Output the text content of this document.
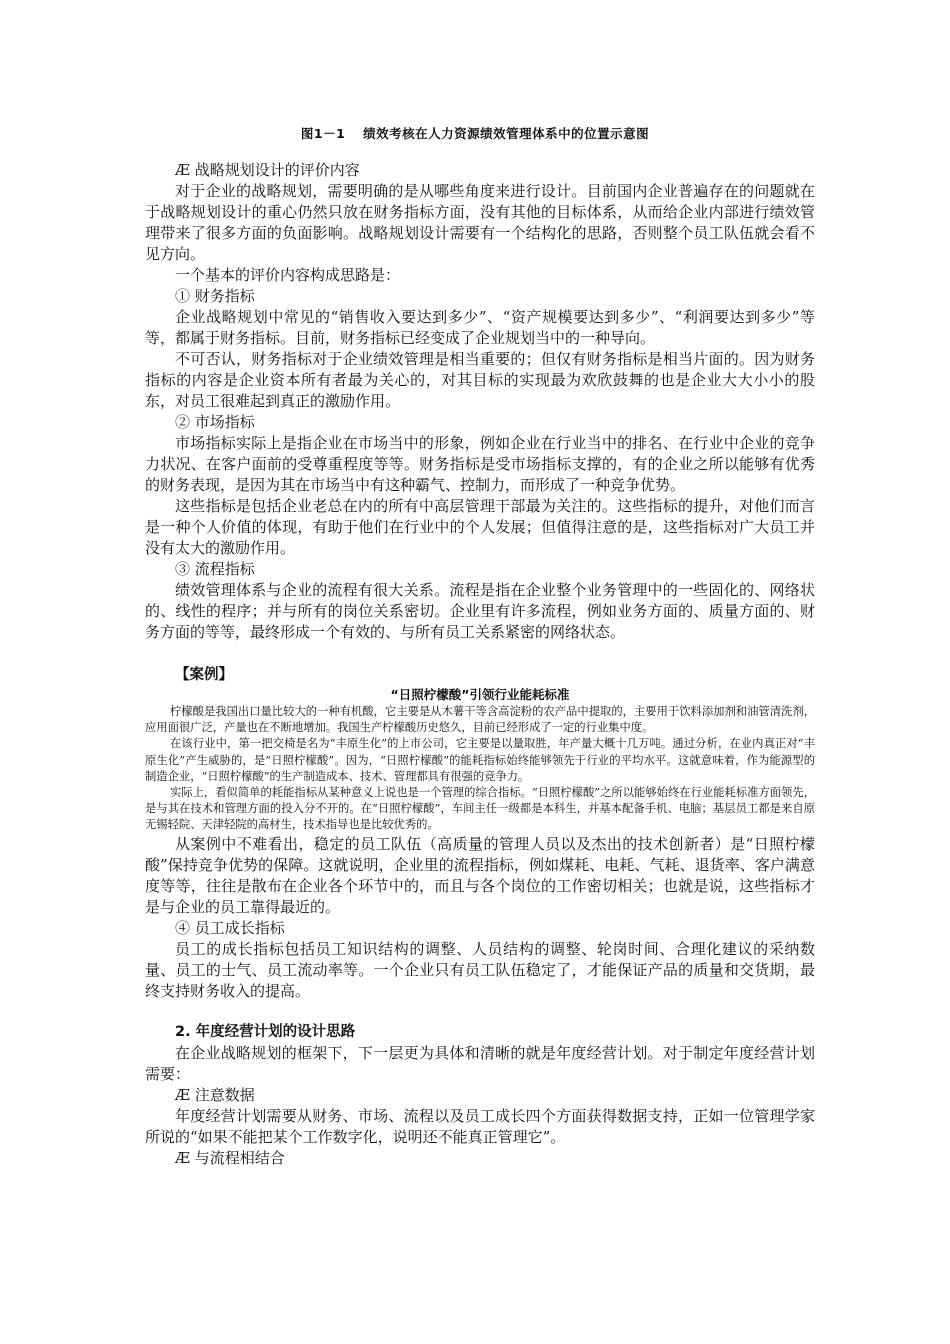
图1－1　 绩效考核在人力资源绩效管理体系中的位置示意图

Æ 战略规划设计的评价内容

对于企业的战略规划，需要明确的是从哪些角度来进行设计。目前国内企业普遍存在的问题就在于战略规划设计的重心仍然只放在财务指标方面，没有其他的目标体系，从而给企业内部进行绩效管理带来了很多方面的负面影响。战略规划设计需要有一个结构化的思路，否则整个员工队伍就会看不见方向。

一个基本的评价内容构成思路是：

① 财务指标

企业战略规划中常见的“销售收入要达到多少”、“资产规模要达到多少”、“利润要达到多少”等等，都属于财务指标。目前，财务指标已经变成了企业规划当中的一种导向。

不可否认，财务指标对于企业绩效管理是相当重要的；但仅有财务指标是相当片面的。因为财务指标的内容是企业资本所有者最为关心的，对其目标的实现最为欢欣鼓舞的也是企业大大小小的股东，对员工很难起到真正的激励作用。

② 市场指标

市场指标实际上是指企业在市场当中的形象，例如企业在行业当中的排名、在行业中企业的竞争力状况、在客户面前的受尊重程度等等。财务指标是受市场指标支撑的，有的企业之所以能够有优秀的财务表现，是因为其在市场当中有这种霸气、控制力，而形成了一种竞争优势。

这些指标是包括企业老总在内的所有中高层管理干部最为关注的。这些指标的提升，对他们而言是一种个人价值的体现，有助于他们在行业中的个人发展；但值得注意的是，这些指标对广大员工并没有太大的激励作用。

③ 流程指标

绩效管理体系与企业的流程有很大关系。流程是指在企业整个业务管理中的一些固化的、网络状的、线性的程序；并与所有的岗位关系密切。企业里有许多流程，例如业务方面的、质量方面的、财务方面的等等，最终形成一个有效的、与所有员工关系紧密的网络状态。

【案例】

“日照柠檬酸”引领行业能耗标准

柠檬酸是我国出口量比较大的一种有机酸，它主要是从木薯干等含高淀粉的农产品中提取的，主要用于饮料添加剂和油管清洗剂，应用面很广泛，产量也在不断地增加。我国生产柠檬酸历史悠久，目前已经形成了一定的行业集中度。

在该行业中，第一把交椅是名为“丰原生化”的上市公司，它主要是以量取胜，年产量大概十几万吨。通过分析，在业内真正对“丰原生化”产生威胁的，是“日照柠檬酸”。因为，“日照柠檬酸”的能耗指标始终能够领先于行业的平均水平。这就意味着，作为能源型的制造企业，“日照柠檬酸”的生产制造成本、技术、管理都具有很强的竞争力。

实际上，看似简单的耗能指标从某种意义上说也是一个管理的综合指标。“日照柠檬酸”之所以能够始终在行业能耗标准方面领先，是与其在技术和管理方面的投入分不开的。在“日照柠檬酸”，车间主任一级都是本科生，并基本配备手机、电脑；基层员工都是来自原无锡轻院、天津轻院的高材生，技术指导也是比较优秀的。

从案例中不难看出，稳定的员工队伍（高质量的管理人员以及杰出的技术创新者）是“日照柠檬酸”保持竞争优势的保障。这就说明，企业里的流程指标，例如煤耗、电耗、气耗、退货率、客户满意度等等，往往是散布在企业各个环节中的，而且与各个岗位的工作密切相关；也就是说，这些指标才是与企业的员工靠得最近的。

④ 员工成长指标

员工的成长指标包括员工知识结构的调整、人员结构的调整、轮岗时间、合理化建议的采纳数量、员工的士气、员工流动率等。一个企业只有员工队伍稳定了，才能保证产品的质量和交货期，最终支持财务收入的提高。

2. 年度经营计划的设计思路

在企业战略规划的框架下，下一层更为具体和清晰的就是年度经营计划。对于制定年度经营计划需要：

Æ 注意数据

年度经营计划需要从财务、市场、流程以及员工成长四个方面获得数据支持，正如一位管理学家所说的“如果不能把某个工作数字化，说明还不能真正管理它”。

Æ 与流程相结合
